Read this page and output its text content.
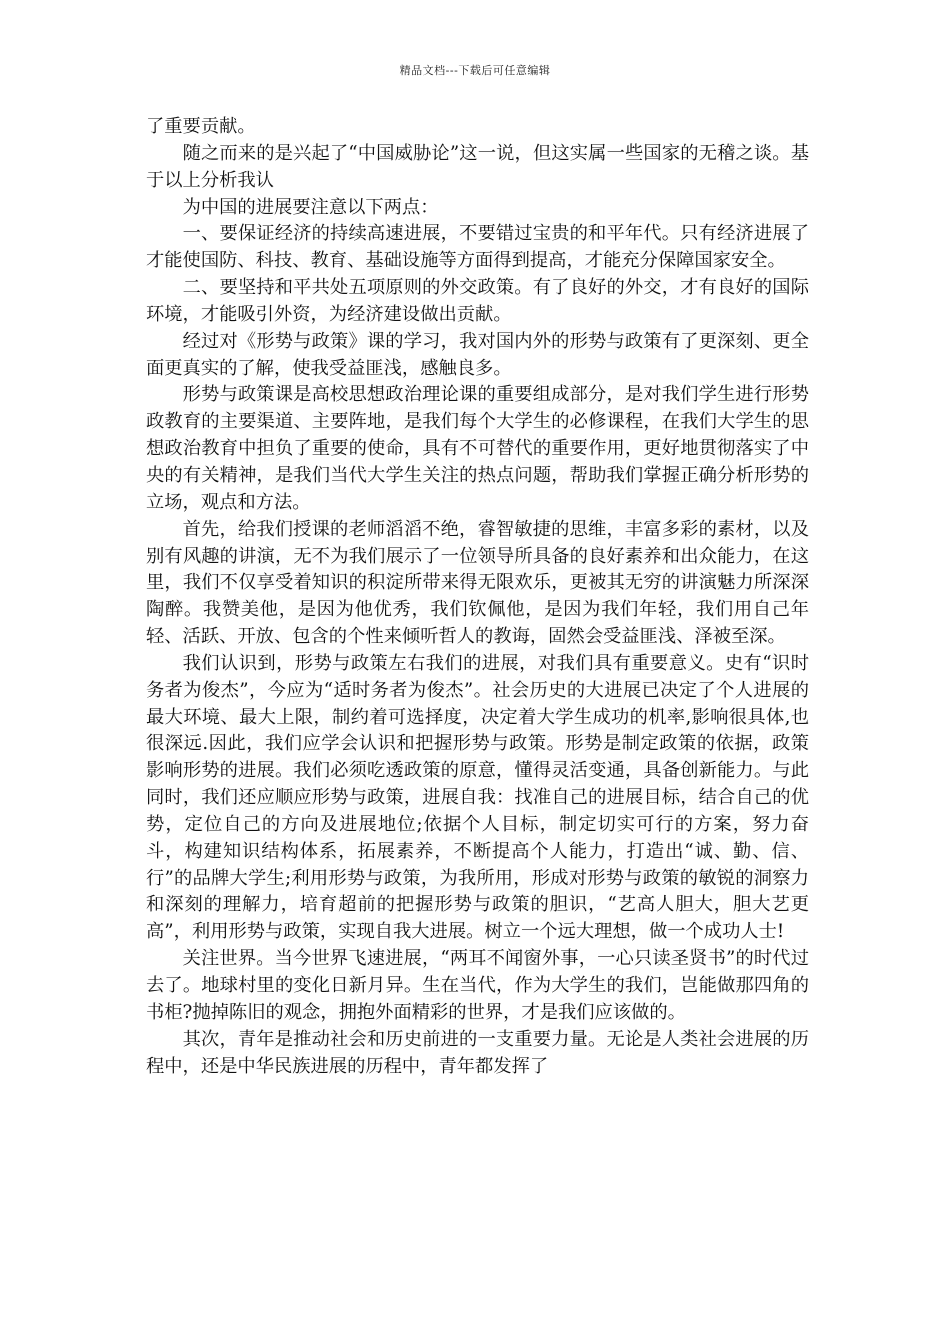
精品文档---下载后可任意编辑

了重要贡献。

随之而来的是兴起了“中国威胁论”这一说，但这实属一些国家的无稽之谈。基于以上分析我认

为中国的进展要注意以下两点：

一、要保证经济的持续高速进展，不要错过宝贵的和平年代。只有经济进展了才能使国防、科技、教育、基础设施等方面得到提高，才能充分保障国家安全。

二、要坚持和平共处五项原则的外交政策。有了良好的外交，才有良好的国际环境，才能吸引外资，为经济建设做出贡献。

经过对《形势与政策》课的学习，我对国内外的形势与政策有了更深刻、更全面更真实的了解，使我受益匪浅，感触良多。

形势与政策课是高校思想政治理论课的重要组成部分，是对我们学生进行形势政教育的主要渠道、主要阵地，是我们每个大学生的必修课程，在我们大学生的思想政治教育中担负了重要的使命，具有不可替代的重要作用，更好地贯彻落实了中央的有关精神，是我们当代大学生关注的热点问题，帮助我们掌握正确分析形势的立场，观点和方法。

首先，给我们授课的老师滔滔不绝，睿智敏捷的思维，丰富多彩的素材，以及别有风趣的讲演，无不为我们展示了一位领导所具备的良好素养和出众能力，在这里，我们不仅享受着知识的积淀所带来得无限欢乐，更被其无穷的讲演魅力所深深陶醉。我赞美他，是因为他优秀，我们钦佩他，是因为我们年轻，我们用自己年轻、活跃、开放、包含的个性来倾听哲人的教诲，固然会受益匪浅、泽被至深。

我们认识到，形势与政策左右我们的进展，对我们具有重要意义。史有“识时务者为俊杰”，今应为“适时务者为俊杰”。社会历史的大进展已决定了个人进展的最大环境、最大上限，制约着可选择度，决定着大学生成功的机率,影响很具体,也很深远.因此，我们应学会认识和把握形势与政策。形势是制定政策的依据，政策影响形势的进展。我们必须吃透政策的原意，懂得灵活变通，具备创新能力。与此同时，我们还应顺应形势与政策，进展自我：找准自己的进展目标，结合自己的优势，定位自己的方向及进展地位;依据个人目标，制定切实可行的方案，努力奋斗，构建知识结构体系，拓展素养，不断提高个人能力，打造出“诚、勤、信、行”的品牌大学生;利用形势与政策，为我所用，形成对形势与政策的敏锐的洞察力和深刻的理解力，培育超前的把握形势与政策的胆识，“艺高人胆大，胆大艺更高”，利用形势与政策，实现自我大进展。树立一个远大理想，做一个成功人士!

关注世界。当今世界飞速进展，“两耳不闻窗外事，一心只读圣贤书”的时代过去了。地球村里的变化日新月异。生在当代，作为大学生的我们，岂能做那四角的书柜?抛掉陈旧的观念，拥抱外面精彩的世界，才是我们应该做的。

其次，青年是推动社会和历史前进的一支重要力量。无论是人类社会进展的历程中，还是中华民族进展的历程中，青年都发挥了
